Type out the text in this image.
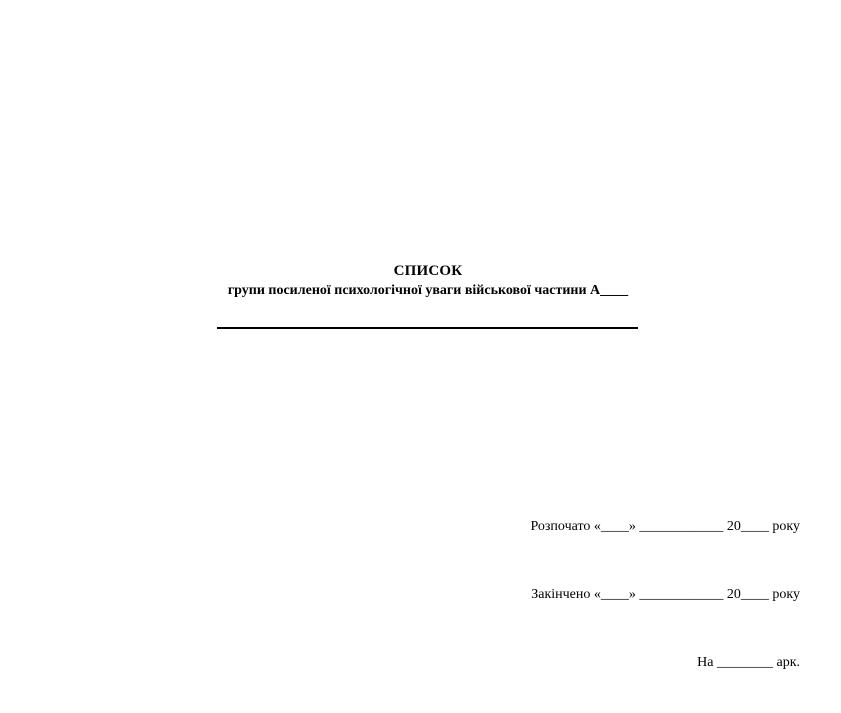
СПИСОК
групи посиленої психологічної уваги військової частини А____

Розпочато «____» ____________ 20____ року

Закінчено «____» ____________ 20____ року

На ________ арк.
